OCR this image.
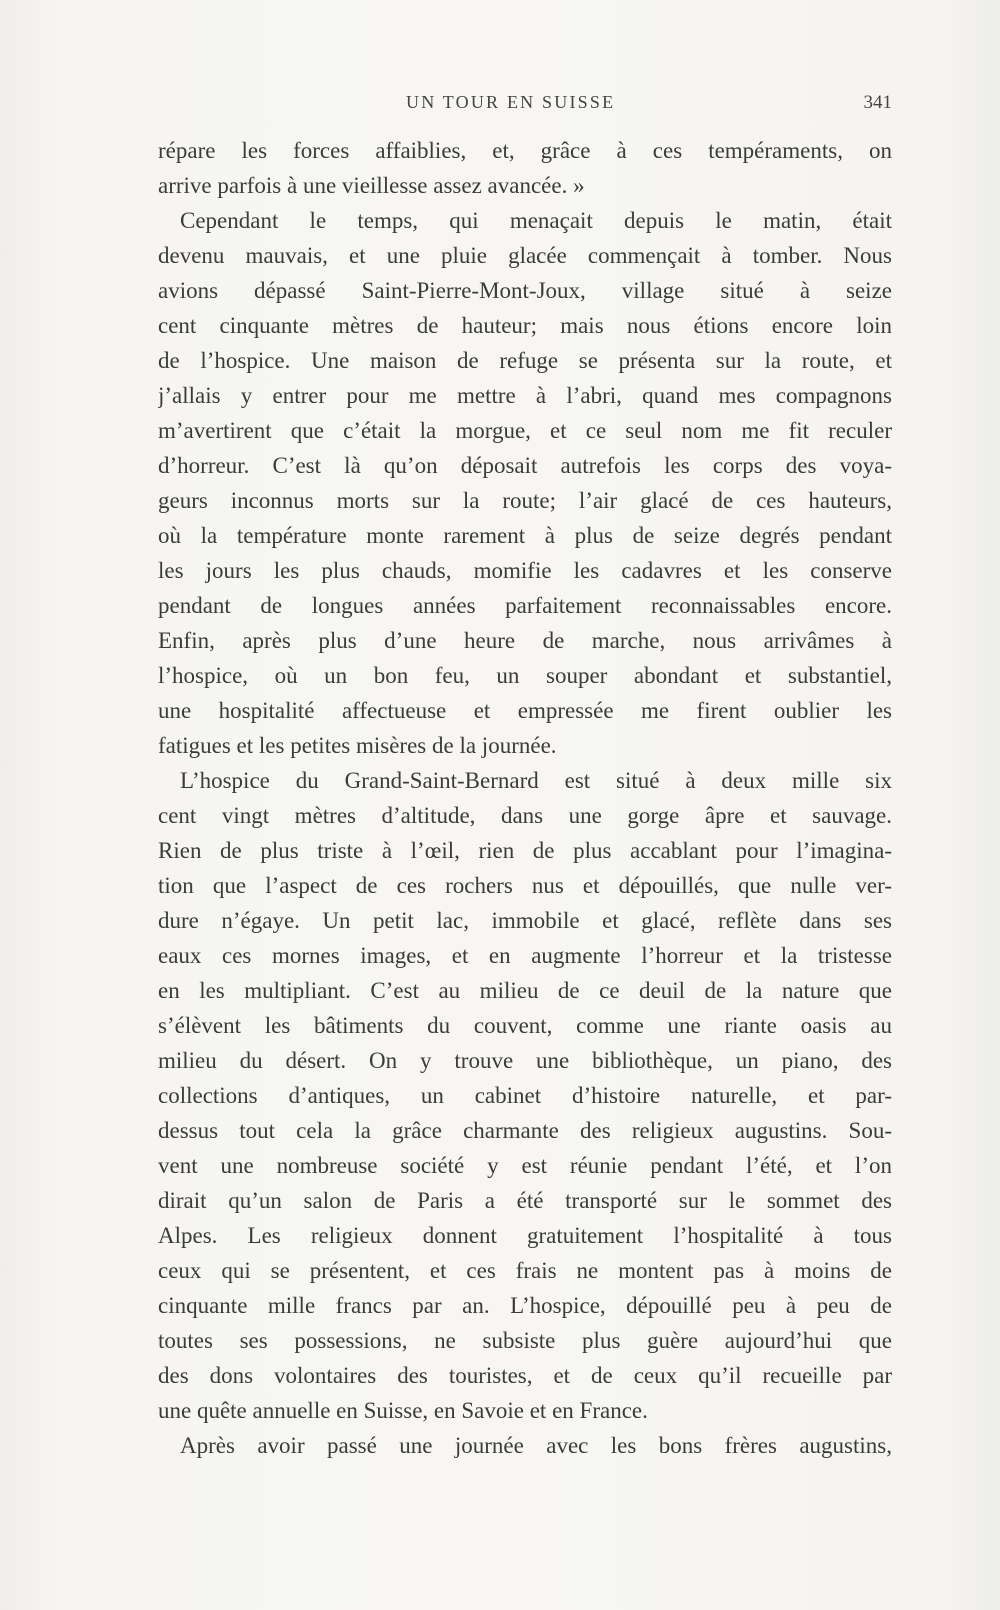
UN TOUR EN SUISSE	341
répare les forces affaiblies, et, grâce à ces tempéraments, on
arrive parfois à une vieillesse assez avancée. »
Cependant le temps, qui menaçait depuis le matin, était
devenu mauvais, et une pluie glacée commençait à tomber. Nous
avions dépassé Saint-Pierre-Mont-Joux, village situé à seize
cent cinquante mètres de hauteur; mais nous étions encore loin
de l’hospice. Une maison de refuge se présenta sur la route, et
j’allais y entrer pour me mettre à l’abri, quand mes compagnons
m’avertirent que c’était la morgue, et ce seul nom me fit reculer
d’horreur. C’est là qu’on déposait autrefois les corps des voya-
geurs inconnus morts sur la route; l’air glacé de ces hauteurs,
où la température monte rarement à plus de seize degrés pendant
les jours les plus chauds, momifie les cadavres et les conserve
pendant de longues années parfaitement reconnaissables encore.
Enfin, après plus d’une heure de marche, nous arrivâmes à
l’hospice, où un bon feu, un souper abondant et substantiel,
une hospitalité affectueuse et empressée me firent oublier les
fatigues et les petites misères de la journée.
L’hospice du Grand-Saint-Bernard est situé à deux mille six
cent vingt mètres d’altitude, dans une gorge âpre et sauvage.
Rien de plus triste à l’œil, rien de plus accablant pour l’imagina-
tion que l’aspect de ces rochers nus et dépouillés, que nulle ver-
dure n’égaye. Un petit lac, immobile et glacé, reflète dans ses
eaux ces mornes images, et en augmente l’horreur et la tristesse
en les multipliant. C’est au milieu de ce deuil de la nature que
s’élèvent les bâtiments du couvent, comme une riante oasis au
milieu du désert. On y trouve une bibliothèque, un piano, des
collections d’antiques, un cabinet d’histoire naturelle, et par-
dessus tout cela la grâce charmante des religieux augustins. Sou-
vent une nombreuse société y est réunie pendant l’été, et l’on
dirait qu’un salon de Paris a été transporté sur le sommet des
Alpes. Les religieux donnent gratuitement l’hospitalité à tous
ceux qui se présentent, et ces frais ne montent pas à moins de
cinquante mille francs par an. L’hospice, dépouillé peu à peu de
toutes ses possessions, ne subsiste plus guère aujourd’hui que
des dons volontaires des touristes, et de ceux qu’il recueille par
une quête annuelle en Suisse, en Savoie et en France.
Après avoir passé une journée avec les bons frères augustins,
